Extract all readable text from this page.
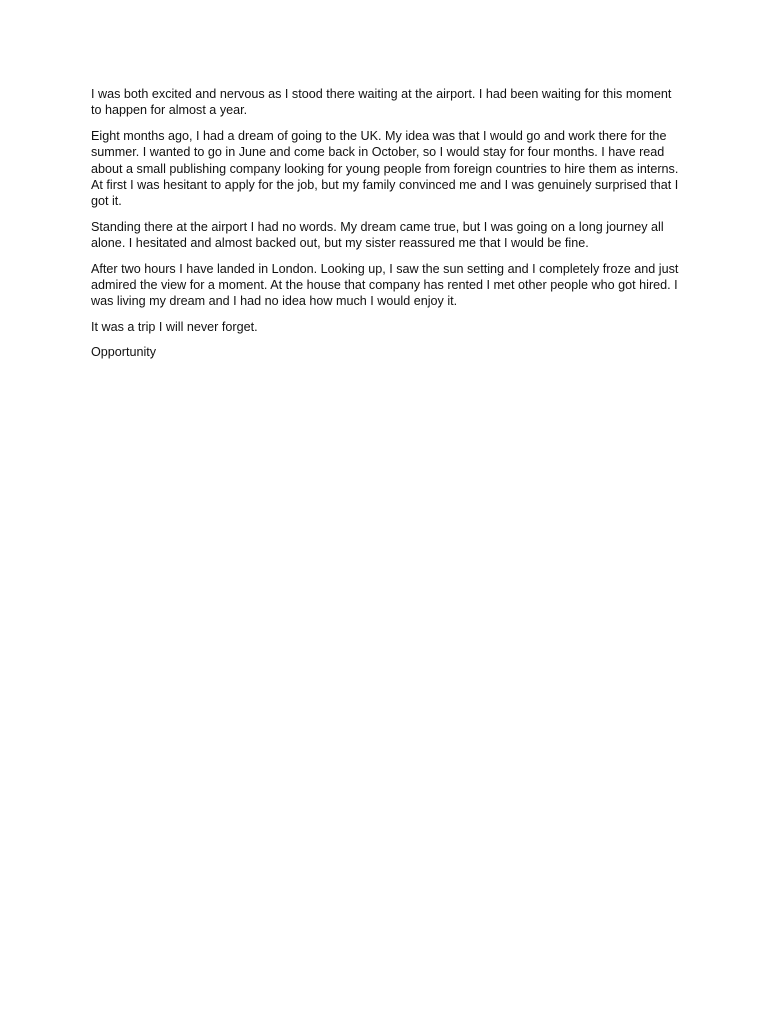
I was both excited and nervous as I stood there waiting at the airport. I had been waiting for this moment to happen for almost a year.

Eight months ago, I had a dream of going to the UK. My idea was that I would go and work there for the summer. I wanted to go in June and come back in October, so I would stay for four months. I have read about a small publishing company looking for young people from foreign countries to hire them as interns. At first I was hesitant to apply for the job, but my family convinced me and I was genuinely surprised that I got it.

Standing there at the airport I had no words. My dream came true, but I was going on a long journey all alone. I hesitated and almost backed out, but my sister reassured me that I would be fine.

After two hours I have landed in London. Looking up, I saw the sun setting and I completely froze and just admired the view for a moment. At the house that company has rented I met other people who got hired. I was living my dream and I had no idea how much I would enjoy it.

It was a trip I will never forget.

Opportunity
